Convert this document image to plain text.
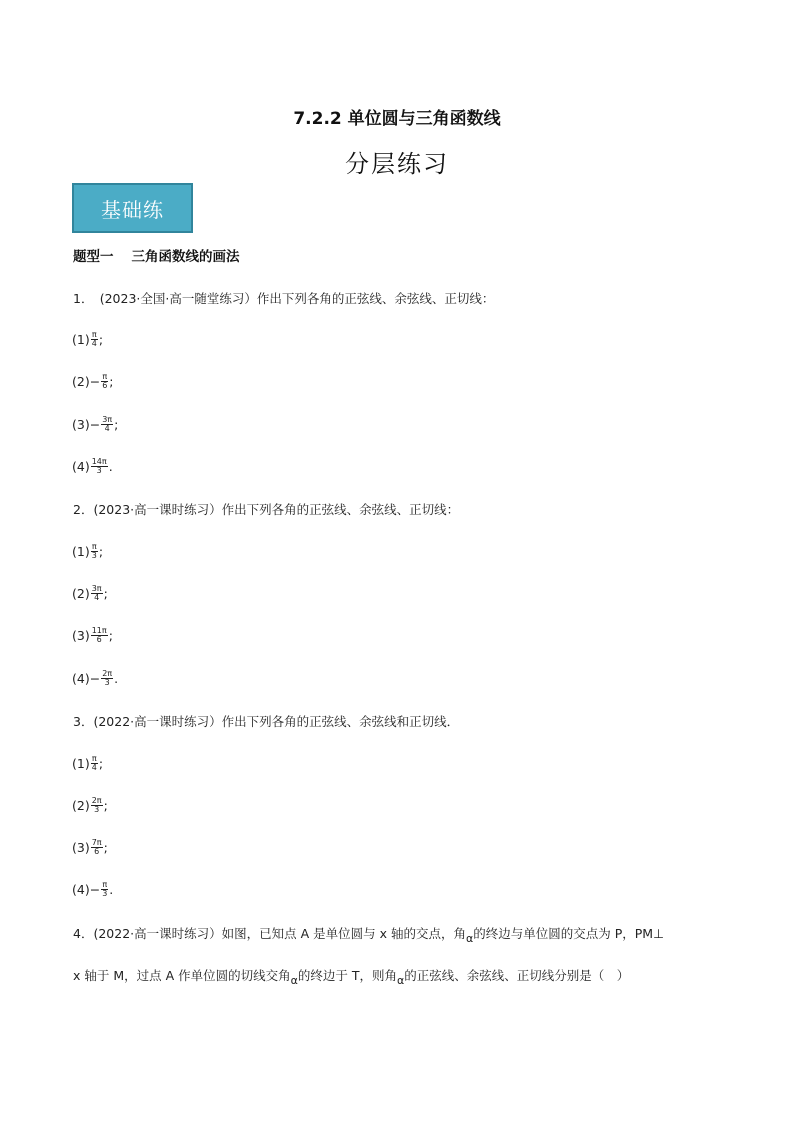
7.2.2 单位圆与三角函数线
分层练习
基础练
题型一 三角函数线的画法
1．　(2023·全国·高一随堂练习）作出下列各角的正弦线、余弦线、正切线：
$(1) \frac{\pi}{4}$ ;
$(2) - \frac{\pi}{6}$ ;
$(3) - \frac{3\pi}{4}$ ;
$(4) \frac{14\pi}{3}$ .
2．(2023·高一课时练习）作出下列各角的正弦线、余弦线、正切线：
$(1) \frac{\pi}{3}$ ;
$(2) \frac{3\pi}{4}$ ;
$(3) \frac{11\pi}{6}$ ;
$(4) - \frac{2\pi}{3}$ .
3．(2022·高一课时练习）作出下列各角的正弦线、余弦线和正切线．
$(1) \frac{\pi}{4}$ ;
$(2) \frac{2\pi}{3}$ ;
$(3) \frac{7\pi}{6}$ ;
$(4) - \frac{\pi}{3}$ .
4．(2022·高一课时练习）如图，已知点 A 是单位圆与 x 轴的交点，角α的终边与单位圆的交点为 P，PM⊥
x 轴于 M，过点 A 作单位圆的切线交角α的终边于 T，则角α的正弦线、余弦线、正切线分别是（　）
